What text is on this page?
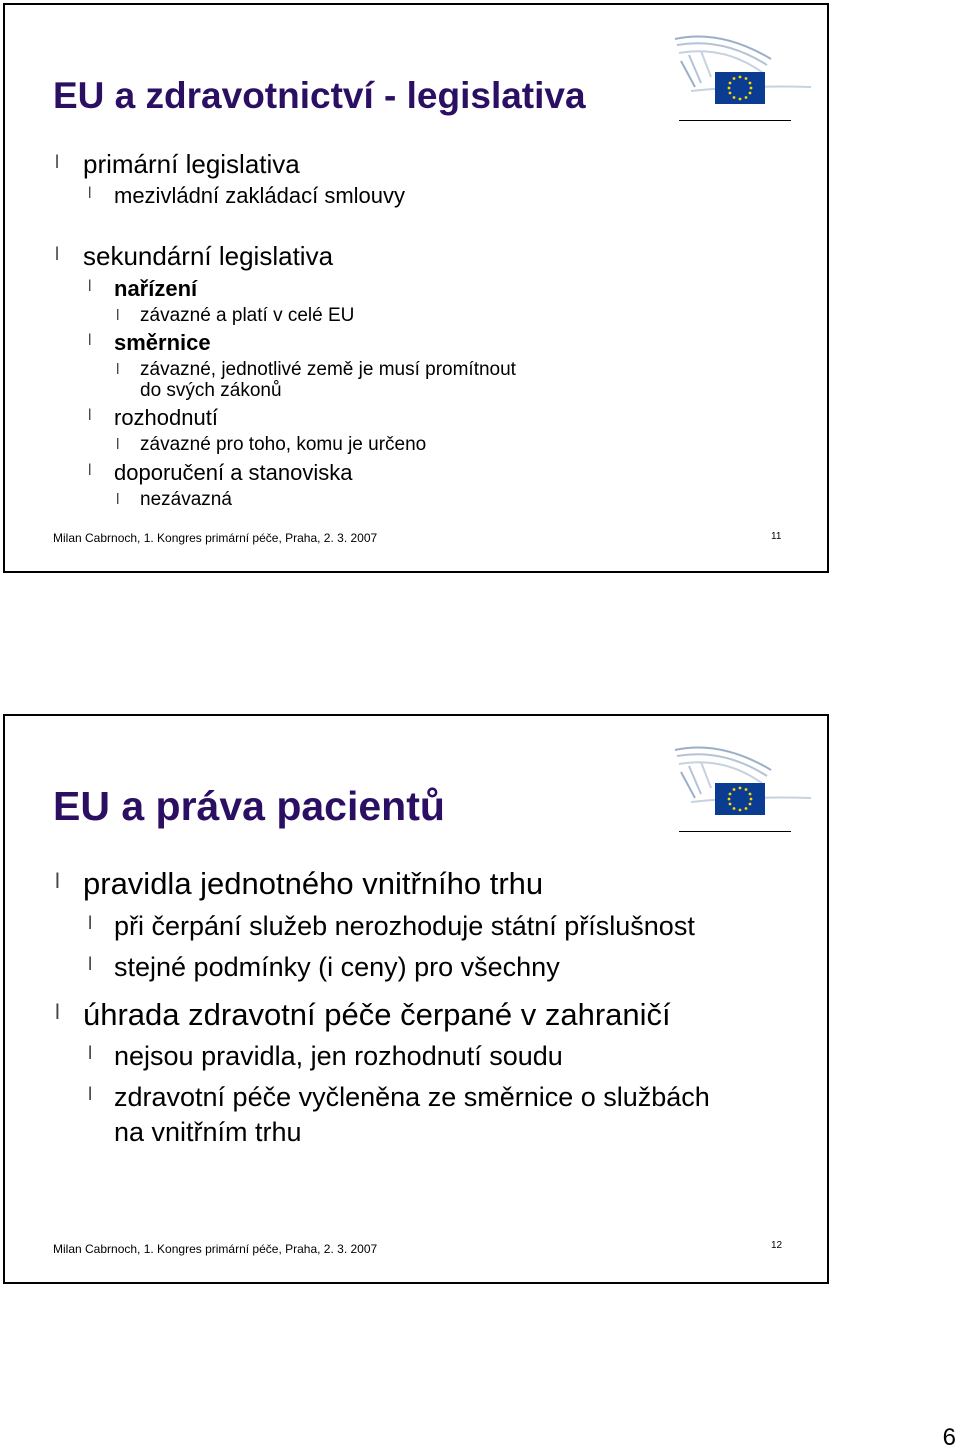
EU a zdravotnictví - legislativa
l primární legislativa
l mezivládní zakládací smlouvy
l sekundární legislativa
l nařízení
l závazné a platí v celé EU
l směrnice
l závazné, jednotlivé země je musí promítnout
do svých zákonů
l rozhodnutí
l závazné pro toho, komu je určeno
l doporučení a stanoviska
l nezávazná
Milan Cabrnoch, 1. Kongres primární péče, Praha, 2. 3. 2007	11
EU a práva pacientů
l pravidla jednotného vnitřního trhu
l při čerpání služeb nerozhoduje státní příslušnost
l stejné podmínky (i ceny) pro všechny
l úhrada zdravotní péče čerpané v zahraničí
l nejsou pravidla, jen rozhodnutí soudu
l zdravotní péče vyčleněna ze směrnice o službách
na vnitřním trhu
Milan Cabrnoch, 1. Kongres primární péče, Praha, 2. 3. 2007	12
6
